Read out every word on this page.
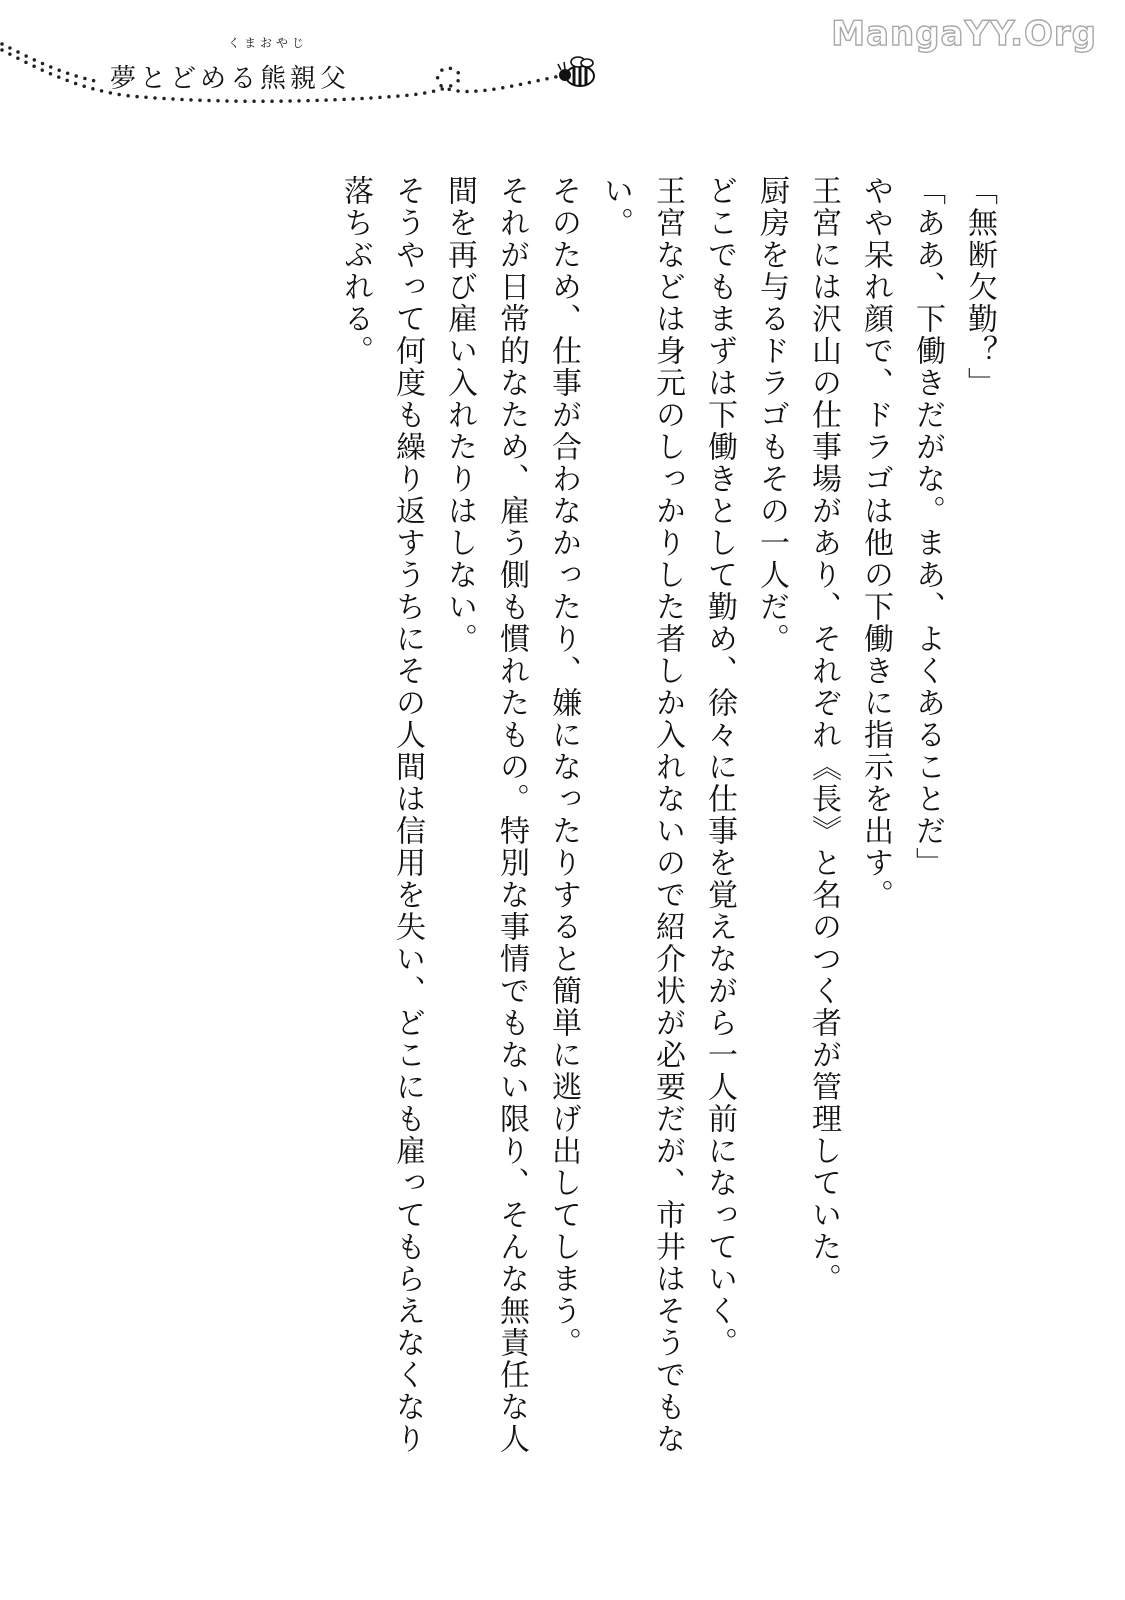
MangaYY.Org
くまおやじ
夢とどめる熊親父
「無断欠勤？」
「ああ、下働きだがな。まあ、よくあることだ」
やや呆れ顔で、ドラゴは他の下働きに指示を出す。
王宮には沢山の仕事場があり、それぞれ《長》と名のつく者が管理していた。
厨房を与るドラゴもその一人だ。
どこでもまずは下働きとして勤め、徐々に仕事を覚えながら一人前になっていく。
王宮などは身元のしっかりした者しか入れないので紹介状が必要だが、市井はそうでもな
い。
そのため、仕事が合わなかったり、嫌になったりすると簡単に逃げ出してしまう。
それが日常的なため、雇う側も慣れたもの。特別な事情でもない限り、そんな無責任な人
間を再び雇い入れたりはしない。
そうやって何度も繰り返すうちにその人間は信用を失い、どこにも雇ってもらえなくなり
落ちぶれる。
